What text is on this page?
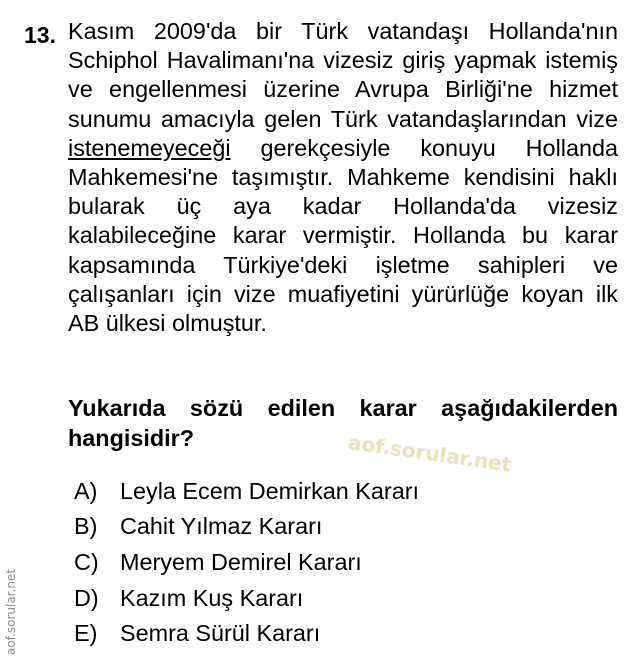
13. Kasım 2009'da bir Türk vatandaşı Hollanda'nın Schiphol Havalimanı'na vizesiz giriş yapmak istemiş ve engellenmesi üzerine Avrupa Birliği'ne hizmet sunumu amacıyla gelen Türk vatandaşlarından vize istenemeyeceği gerekçesiyle konuyu Hollanda Mahkemesi'ne taşımıştır. Mahkeme kendisini haklı bularak üç aya kadar Hollanda'da vizesiz kalabileceğine karar vermiştir. Hollanda bu karar kapsamında Türkiye'deki işletme sahipleri ve çalışanları için vize muafiyetini yürürlüğe koyan ilk AB ülkesi olmuştur.
Yukarıda sözü edilen karar aşağıdakilerden hangisidir?
A) Leyla Ecem Demirkan Kararı
B) Cahit Yılmaz Kararı
C) Meryem Demirel Kararı
D) Kazım Kuş Kararı
E) Semra Sürül Kararı
aof.sorular.net
aof.sorular.net
